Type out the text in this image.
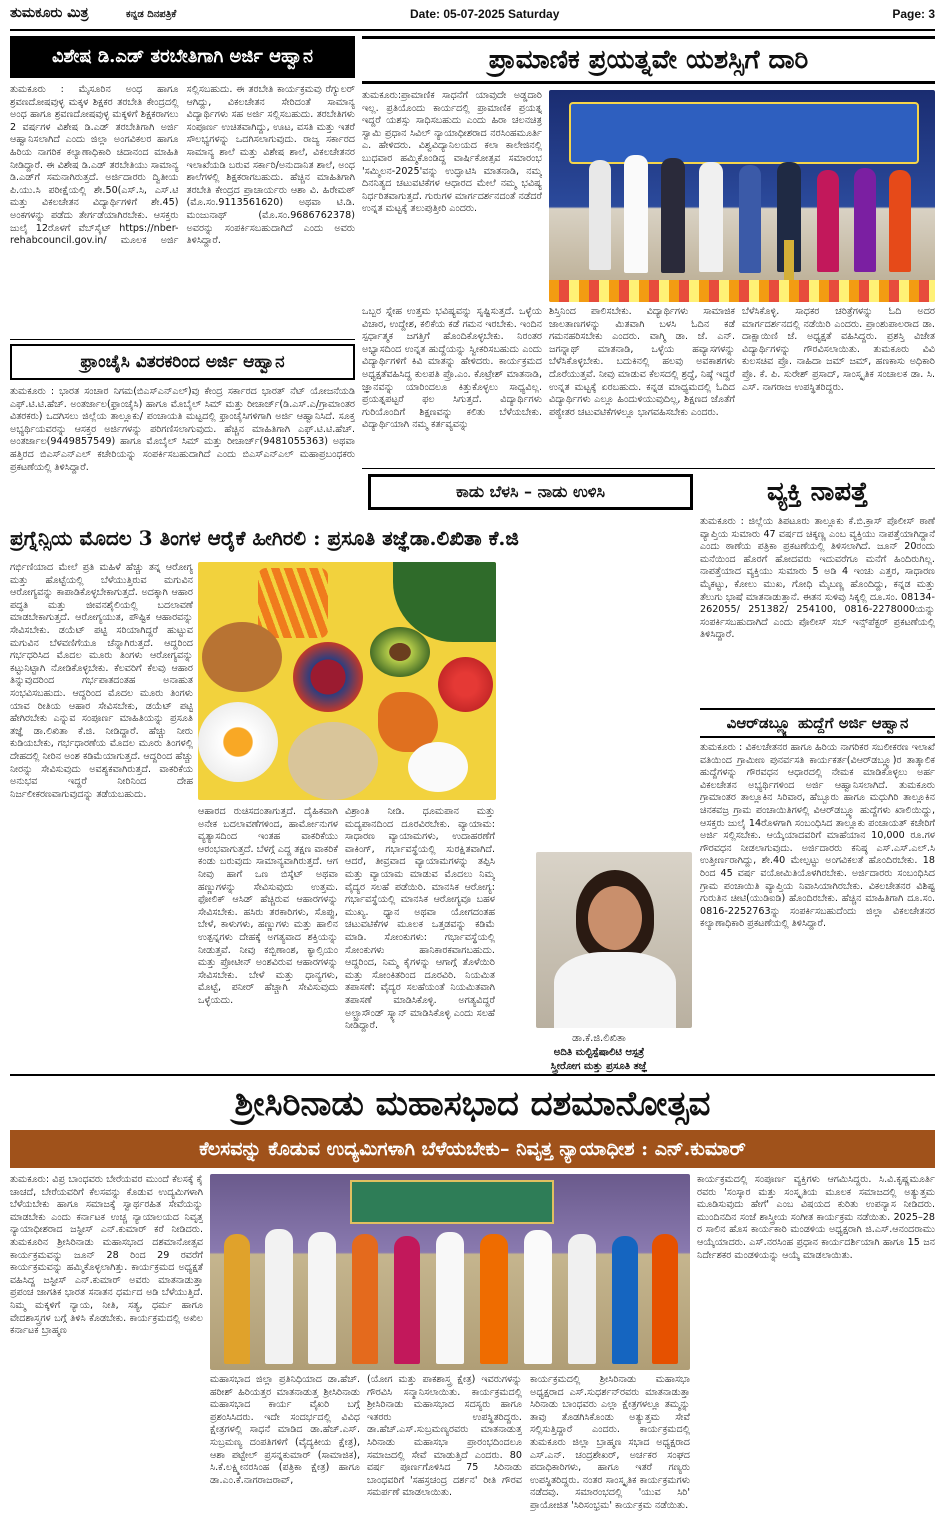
ತುಮಕೂರು ಮಿತ್ರ	ಕನ್ನಡ ದಿನಪತ್ರಿಕೆ	Date: 05-07-2025 Saturday	Page: 3
ವಿಶೇಷ ಡಿ.ಎಡ್ ತರಬೇತಿಗಾಗಿ ಅರ್ಜಿ ಆಹ್ವಾನ
ತುಮಕೂರು : ಮೈಸೂರಿನ ಅಂಧ ಹಾಗೂ ಶ್ರವಣದೋಷವುಳ್ಳ ಮಕ್ಕಳ ಶಿಕ್ಷಕರ ತರಬೇತಿ ಕೇಂದ್ರದಲ್ಲಿ ಅಂಧ ಹಾಗೂ ಶ್ರವಣದೋಷವುಳ್ಳ ಮಕ್ಕಳಿಗೆ ಶಿಕ್ಷಕರಾಗಲು 2 ವರ್ಷಗಳ ವಿಶೇಷ ಡಿ.ಎಡ್ ತರಬೇತಿಗಾಗಿ ಅರ್ಜಿ ಆಹ್ವಾನಿಸಲಾಗಿದೆ ಎಂದು ಜಿಲ್ಲಾ ಅಂಗವಿಕಲರ ಹಾಗೂ ಹಿರಿಯ ನಾಗರಿಕ ಕಲ್ಯಾಣಾಧಿಕಾರಿ ಚಿದಾನಂದ ಮಾಹಿತಿ ನೀಡಿದ್ದಾರೆ. ಈ ವಿಶೇಷ ಡಿ.ಎಡ್ ತರಬೇತಿಯು ಸಾಮಾನ್ಯ ಡಿ.ಎಡ್‌ಗೆ ಸಮನಾಗಿರುತ್ತದೆ. ಅರ್ಜಿದಾರರು ದ್ವಿತೀಯ ಪಿ.ಯು.ಸಿ ಪರೀಕ್ಷೆಯಲ್ಲಿ ಶೇ.50(ಎಸ್.ಸಿ, ಎಸ್.ಟಿ ಮತ್ತು ವಿಕಲಚೇತನ ವಿದ್ಯಾರ್ಥಿಗಳಿಗೆ ಶೇ.45) ಅಂಕಗಳನ್ನು ಪಡೆದು ತೇರ್ಗಡೆಯಾಗಿರಬೇಕು. ಆಸಕ್ತರು ಜುಲೈ 12ರೊಳಗೆ ವೆಬ್‌ಸೈಟ್ https://nber-rehabcouncil.gov.in/ ಮೂಲಕ ಅರ್ಜಿ ಸಲ್ಲಿಸಬಹುದು. ಈ ತರಬೇತಿ ಕಾರ್ಯಕ್ರಮವು ರೆಗ್ಯುಲರ್ ಆಗಿದ್ದು, ವಿಕಲಚೇತನ ಸೇರಿದಂತೆ ಸಾಮಾನ್ಯ ವಿದ್ಯಾರ್ಥಿಗಳು ಸಹ ಅರ್ಜಿ ಸಲ್ಲಿಸಬಹುದು. ತರಬೇತಿಗಳು ಸಂಪೂರ್ಣ ಉಚಿತವಾಗಿದ್ದು, ಊಟ, ವಸತಿ ಮತ್ತು ಇತರೆ ಸೌಲಭ್ಯಗಳನ್ನು ಒದಗಿಸಲಾಗುವುದು. ರಾಜ್ಯ ಸರ್ಕಾರದ ಸಾಮಾನ್ಯ ಶಾಲೆ ಮತ್ತು ವಿಶೇಷ ಶಾಲೆ, ವಿಕಲಚೇತನರ ಇಲಾಖೆಯಡಿ ಬರುವ ಸರ್ಕಾರಿ/ಅನುದಾನಿತ ಶಾಲೆ, ಅಂಧ ಶಾಲೆಗಳಲ್ಲಿ ಶಿಕ್ಷಕರಾಗಬಹುದು. ಹೆಚ್ಚಿನ ಮಾಹಿತಿಗಾಗಿ ತರಬೇತಿ ಕೇಂದ್ರದ ಪ್ರಾಚಾರ್ಯರು ಆಶಾ ವಿ. ಹಿರೇಮಠ್ (ಮೊ.ಸಂ.9113561620) ಅಥವಾ ಟಿ.ಡಿ. ಮಂಜುನಾಥ್ (ಮೊ.ಸಂ.9686762378) ಅವರನ್ನು ಸಂಪರ್ಕಿಸಬಹುದಾಗಿದೆ ಎಂದು ಅವರು ತಿಳಿಸಿದ್ದಾರೆ.
ಫ್ರಾಂಚೈಸಿ ವಿತರಕರಿಂದ ಅರ್ಜಿ ಆಹ್ವಾನ
ತುಮಕೂರು : ಭಾರತ ಸಂಚಾರ ನಿಗಮ(ಬಿಎಸ್‌ಎನ್‌ಎಲ್)ವು ಕೇಂದ್ರ ಸರ್ಕಾರದ ಭಾರತ್ ನೆಟ್ ಯೋಜನೆಯಡಿ ಎಫ್.ಟಿ.ಟಿ.ಹೆಚ್. ಅಂತರ್ಜಾಲ(ಫ್ರಾಂಚೈಸಿ) ಹಾಗೂ ಮೊಬೈಲ್ ಸಿಮ್ ಮತ್ತು ರೀಚಾರ್ಜ್(ಡಿ.ಎಸ್.ಎ/ಗ್ರಾಮಾಂತರ ವಿತರಕರು) ಒದಗಿಸಲು ಜಿಲ್ಲೆಯ ತಾಲ್ಲೂಕು/ ಪಂಚಾಯತಿ ಮಟ್ಟದಲ್ಲಿ ಫ್ರಾಂಚೈಸಿಗಳಿಗಾಗಿ ಅರ್ಜಿ ಆಹ್ವಾನಿಸಿದೆ. ಸೂಕ್ತ ಅಭ್ಯರ್ಥಿಯವರನ್ನು ಆಸಕ್ತರ ಅರ್ಜಿಗಳನ್ನು ಪರಿಗಣಿಸಲಾಗುವುದು. ಹೆಚ್ಚಿನ ಮಾಹಿತಿಗಾಗಿ ಎಫ್.ಟಿ.ಟಿ.ಹೆಚ್. ಅಂತರ್ಜಾಲ(9449857549) ಹಾಗೂ ಮೊಬೈಲ್ ಸಿಮ್ ಮತ್ತು ರೀಚಾರ್ಜ್(9481055363) ಅಥವಾ ಹತ್ತಿರದ ಬಿಎಸ್‌ಎನ್‌ಎಲ್ ಕಚೇರಿಯನ್ನು ಸಂಪರ್ಕಿಸಬಹುದಾಗಿದೆ ಎಂದು ಬಿಎಸ್‌ಎನ್‌ಎಲ್ ಮಹಾಪ್ರಬಂಧಕರು ಪ್ರಕಟಣೆಯಲ್ಲಿ ತಿಳಿಸಿದ್ದಾರೆ.
ಪ್ರಾಮಾಣಿಕ ಪ್ರಯತ್ನವೇ ಯಶಸ್ಸಿಗೆ ದಾರಿ
ತುಮಕೂರು:ಪ್ರಾಮಾಣಿಕ ಸಾಧನೆಗೆ ಯಾವುದೇ ಅಡ್ಡದಾರಿ ಇಲ್ಲ. ಪ್ರತಿಯೊಂದು ಕಾರ್ಯದಲ್ಲಿ ಪ್ರಾಮಾಣಿಕ ಪ್ರಯತ್ನ ಇದ್ದರೆ ಯಶಸ್ಸು ಸಾಧಿಸಬಹುದು ಎಂದು ಹಿರಾ ಚಲನಚಿತ್ರ ಸ್ವಾಮಿ ಪ್ರಧಾನ ಸಿವಿಲ್ ನ್ಯಾಯಾಧೀಶರಾದ ನರಸಿಂಹಮೂರ್ತಿ ಎ. ಹೇಳಿದರು. ವಿಶ್ವವಿದ್ಯಾನಿಲಯದ ಕಲಾ ಕಾಲೇಜಿನಲ್ಲಿ ಬುಧವಾರ ಹಮ್ಮಿಕೊಂಡಿದ್ದ ವಾರ್ಷಿಕೋತ್ಸವ ಸಮಾರಂಭ 'ಸಮ್ಮಿಲನ-2025'ವನ್ನು ಉದ್ಘಾಟಿಸಿ ಮಾತನಾಡಿ, ನಮ್ಮ ದಿನನಿತ್ಯದ ಚಟುವಟಿಕೆಗಳ ಆಧಾರದ ಮೇಲೆ ನಮ್ಮ ಭವಿಷ್ಯ ನಿರ್ಧರಿತವಾಗುತ್ತದೆ. ಗುರುಗಳ ಮಾರ್ಗದರ್ಶನದಂತೆ ನಡೆದರೆ ಉನ್ನತ ಮಟ್ಟಕ್ಕೆ ತಲುಪುತ್ತೀರಿ ಎಂದರು.
ಒಬ್ಬರ ಸ್ನೇಹ ಉತ್ತಮ ಭವಿಷ್ಯವನ್ನು ಸೃಷ್ಟಿಸುತ್ತದೆ. ಒಳ್ಳೆಯ ವಿಚಾರ, ಉದ್ದೇಶ, ಕಲಿಕೆಯ ಕಡೆ ಗಮನ ಇರಬೇಕು. ಇಂದಿನ ಸ್ಪರ್ಧಾತ್ಮಕ ಜಗತ್ತಿಗೆ ಹೊಂದಿಕೊಳ್ಳಬೇಕು. ನಿರಂತರ ಅಭ್ಯಾಸದಿಂದ ಉನ್ನತ ಹುದ್ದೆಯನ್ನು ಸ್ವೀಕರಿಸಬಹುದು ಎಂದು ವಿದ್ಯಾರ್ಥಿಗಳಿಗೆ ಕಿವಿ ಮಾತನ್ನು ಹೇಳಿದರು. ಕಾರ್ಯಕ್ರಮದ ಅಧ್ಯಕ್ಷತೆವಹಿಸಿದ್ದ ಕುಲಪತಿ ಪ್ರೊ.ಎಂ. ಕೊಟ್ರೇಶ್ ಮಾತನಾಡಿ, ಜ್ಞಾನವನ್ನು ಯಾರಿಂದಲೂ ಕಿತ್ತುಕೊಳ್ಳಲು ಸಾಧ್ಯವಿಲ್ಲ. ಪ್ರಯತ್ನಪಟ್ಟರೆ ಫಲ ಸಿಗುತ್ತದೆ. ವಿದ್ಯಾರ್ಥಿಗಳು ಗುರಿಯೊಂದಿಗೆ ಶಿಕ್ಷಣವನ್ನು ಕಲಿತು ಬೆಳೆಯಬೇಕು. ವಿದ್ಯಾರ್ಥಿಯಾಗಿ ನಮ್ಮ ಕರ್ತವ್ಯವನ್ನು
ಶಿಸ್ತಿನಿಂದ ಪಾಲಿಸಬೇಕು. ವಿದ್ಯಾರ್ಥಿಗಳು ಸಾಮಾಜಿಕ ಜಾಲತಾಣಗಳನ್ನು ಮಿತವಾಗಿ ಬಳಸಿ ಓದಿನ ಕಡೆ ಗಮನಹರಿಸಬೇಕು ಎಂದರು. ವಾಗ್ಮಿ ಡಾ. ಜೆ. ಎನ್. ಜಗನ್ನಾಥ್ ಮಾತನಾಡಿ, ಒಳ್ಳೆಯ ಹವ್ಯಾಸಗಳನ್ನು ಬೆಳೆಸಿಕೊಳ್ಳಬೇಕು. ಬದುಕಿನಲ್ಲಿ ಹಲವು ಅವಕಾಶಗಳು ದೊರೆಯುತ್ತವೆ. ನೀವು ಮಾಡುವ ಕೆಲಸದಲ್ಲಿ ಶ್ರದ್ಧೆ, ನಿಷ್ಠೆ ಇದ್ದರೆ ಉನ್ನತ ಮಟ್ಟಕ್ಕೆ ಏರಬಹುದು. ಕನ್ನಡ ಮಾಧ್ಯಮದಲ್ಲಿ ಓದಿದ ವಿದ್ಯಾರ್ಥಿಗಳು ಎಲ್ಲೂ ಹಿಂದುಳಿಯುವುದಿಲ್ಲ, ಶಿಕ್ಷಣದ ಜೊತೆಗೆ ಪಠ್ಯೇತರ ಚಟುವಟಿಕೆಗಳಲ್ಲೂ ಭಾಗವಹಿಸಬೇಕು ಎಂದರು.
ಬೆಳೆಸಿಕೊಳ್ಳಿ. ಸಾಧಕರ ಚರಿತ್ರೆಗಳನ್ನು ಓದಿ ಅದರ ಮಾರ್ಗದರ್ಶನದಲ್ಲಿ ನಡೆಯಿರಿ ಎಂದರು. ಪ್ರಾಂಶುಪಾಲರಾದ ಡಾ. ದಾಕ್ಷಾಯಿಣಿ ಜೆ. ಅಧ್ಯಕ್ಷತೆ ವಹಿಸಿದ್ದರು. ಪ್ರಶಸ್ತಿ ವಿಜೇತ ವಿದ್ಯಾರ್ಥಿಗಳನ್ನು ಗೌರವಿಸಲಾಯಿತು. ತುಮಕೂರು ವಿವಿ ಕುಲಸಚಿವ ಪ್ರೊ. ನಾಹಿದಾ ಜಮ್ ಜಮ್, ಹಣಕಾಸು ಅಧಿಕಾರಿ ಪ್ರೊ. ಕೆ. ಪಿ. ಸುರೇಶ್ ಪ್ರಸಾದ್, ಸಾಂಸ್ಕೃತಿಕ ಸಂಚಾಲಕ ಡಾ. ಸಿ. ಎಸ್. ನಾಗರಾಜ ಉಪಸ್ಥಿತರಿದ್ದರು.
ಕಾಡು ಬೆಳಸಿ – ನಾಡು ಉಳಿಸಿ	ವ್ಯಕ್ತಿ ನಾಪತ್ತೆ
ತುಮಕೂರು : ಜಿಲ್ಲೆಯ ತಿಪಟೂರು ತಾಲ್ಲೂಕು ಕೆ.ಬಿ.ಕ್ರಾಸ್ ಪೊಲೀಸ್ ಠಾಣೆ ವ್ಯಾಪ್ತಿಯ ಸುಮಾರು 47 ವರ್ಷದ ಚಿಕ್ಕಣ್ಣ ಎಂಬ ವ್ಯಕ್ತಿಯು ನಾಪತ್ತೆಯಾಗಿದ್ದಾನೆ ಎಂದು ಠಾಣೆಯ ಪತ್ರಿಕಾ ಪ್ರಕಟಣೆಯಲ್ಲಿ ತಿಳಿಸಲಾಗಿದೆ. ಜೂನ್ 20ರಂದು ಮನೆಯಿಂದ ಹೊರಗೆ ಹೋದವರು ಇದುವರೆಗೂ ಮನೆಗೆ ಹಿಂದಿರುಗಿಲ್ಲ. ನಾಪತ್ತೆಯಾದ ವ್ಯಕ್ತಿಯು ಸುಮಾರು 5 ಅಡಿ 4 ಇಂಚು ಎತ್ತರ, ಸಾಧಾರಣ ಮೈಕಟ್ಟು, ಕೋಲು ಮುಖ, ಗೋಧಿ ಮೈಬಣ್ಣ ಹೊಂದಿದ್ದು, ಕನ್ನಡ ಮತ್ತು ತೆಲುಗು ಭಾಷೆ ಮಾತನಾಡುತ್ತಾನೆ. ಈತನ ಸುಳಿವು ಸಿಕ್ಕಲ್ಲಿ ದೂ.ಸಂ. 08134-262055/ 251382/ 254100, 0816-2278000ಯನ್ನು ಸಂಪರ್ಕಿಸಬಹುದಾಗಿದೆ ಎಂದು ಪೊಲೀಸ್ ಸಬ್ ಇನ್ಸ್‌ಪೆಕ್ಟರ್ ಪ್ರಕಟಣೆಯಲ್ಲಿ ತಿಳಿಸಿದ್ದಾರೆ.
ವಿಆರ್‌ಡಬ್ಲ್ಯೂ ಹುದ್ದೆಗೆ ಅರ್ಜಿ ಆಹ್ವಾನ
ತುಮಕೂರು : ವಿಕಲಚೇತನರ ಹಾಗೂ ಹಿರಿಯ ನಾಗರಿಕರ ಸಬಲೀಕರಣ ಇಲಾಖೆ ವತಿಯಿಂದ ಗ್ರಾಮೀಣ ಪುನರ್ವಸತಿ ಕಾರ್ಯಕರ್ತ(ವಿಆರ್‌ಡಬ್ಲ್ಯೂ)ರ ತಾತ್ಕಾಲಿಕ ಹುದ್ದೆಗಳನ್ನು ಗೌರವಧನ ಆಧಾರದಲ್ಲಿ ನೇಮಕ ಮಾಡಿಕೊಳ್ಳಲು ಅರ್ಹ ವಿಕಲಚೇತನ ಅಭ್ಯರ್ಥಿಗಳಿಂದ ಅರ್ಜಿ ಆಹ್ವಾನಿಸಲಾಗಿದೆ. ತುಮಕೂರು ಗ್ರಾಮಾಂತರ ತಾಲ್ಲೂಕಿನ ಸಿರಿವಾರ, ಹೆಬ್ಬೂರು ಹಾಗೂ ಮಧುಗಿರಿ ತಾಲ್ಲೂಕಿನ ಚಿನಕವಜ್ರ ಗ್ರಾಮ ಪಂಚಾಯಿತಿಗಳಲ್ಲಿ ವಿಆರ್‌ಡಬ್ಲ್ಯೂ ಹುದ್ದೆಗಳು ಖಾಲಿಯಿದ್ದು, ಆಸಕ್ತರು ಜುಲೈ 14ರೊಳಗಾಗಿ ಸಂಬಂಧಿಸಿದ ತಾಲ್ಲೂಕು ಪಂಚಾಯತ್ ಕಚೇರಿಗೆ ಅರ್ಜಿ ಸಲ್ಲಿಸಬೇಕು. ಆಯ್ಕೆಯಾದವರಿಗೆ ಮಾಹೆಯಾನ 10,000 ರೂ.ಗಳ ಗೌರವಧನ ನೀಡಲಾಗುವುದು. ಅರ್ಜಿದಾರರು ಕನಿಷ್ಠ ಎಸ್.ಎಸ್.ಎಲ್.ಸಿ ಉತ್ತೀರ್ಣರಾಗಿದ್ದು, ಶೇ.40 ಮೇಲ್ಪಟ್ಟು ಅಂಗವಿಕಲತೆ ಹೊಂದಿರಬೇಕು. 18 ರಿಂದ 45 ವರ್ಷ ವಯೋಮಿತಿಯೊಳಗಿರಬೇಕು. ಅರ್ಜಿದಾರರು ಸಂಬಂಧಿಸಿದ ಗ್ರಾಮ ಪಂಚಾಯಿತಿ ವ್ಯಾಪ್ತಿಯ ನಿವಾಸಿಯಾಗಿರಬೇಕು. ವಿಕಲಚೇತನರ ವಿಶಿಷ್ಟ ಗುರುತಿನ ಚೀಟಿ(ಯುಡಿಐಡಿ) ಹೊಂದಿರಬೇಕು. ಹೆಚ್ಚಿನ ಮಾಹಿತಿಗಾಗಿ ದೂ.ಸಂ. 0816-2252763ನ್ನು ಸಂಪರ್ಕಿಸಬಹುದೆಂದು ಜಿಲ್ಲಾ ವಿಕಲಚೇತನರ ಕಲ್ಯಾಣಾಧಿಕಾರಿ ಪ್ರಕಟಣೆಯಲ್ಲಿ ತಿಳಿಸಿದ್ದಾರೆ.
ಪ್ರಗ್ನೆನ್ಸಿಯ ಮೊದಲ 3 ತಿಂಗಳ ಆರೈಕೆ ಹೀಗಿರಲಿ : ಪ್ರಸೂತಿ ತಜ್ಞೆಡಾ.ಲಿಖಿತಾ ಕೆ.ಜಿ
ಗರ್ಭಿಣಿಯಾದ ಮೇಲೆ ಪ್ರತಿ ಮಹಿಳೆ ಹೆಚ್ಚು ತನ್ನ ಆರೋಗ್ಯ ಮತ್ತು ಹೊಟ್ಟೆಯಲ್ಲಿ ಬೆಳೆಯುತ್ತಿರುವ ಮಗುವಿನ ಆರೋಗ್ಯವನ್ನು ಕಾಪಾಡಿಕೊಳ್ಳಬೇಕಾಗುತ್ತದೆ. ಅದಕ್ಕಾಗಿ ಆಹಾರ ಪದ್ಧತಿ ಮತ್ತು ಜೀವನಶೈಲಿಯಲ್ಲಿ ಬದಲಾವಣೆ ಮಾಡಬೇಕಾಗುತ್ತದೆ. ಆರೋಗ್ಯಯುತ, ಪೌಷ್ಟಿಕ ಆಹಾರವನ್ನು ಸೇವಿಸಬೇಕು. ಡಯೆಟ್ ಪಟ್ಟಿ ಸರಿಯಾಗಿದ್ದರೆ ಹುಟ್ಟುವ ಮಗುವಿನ ಬೆಳವಣಿಗೆಯೂ ಚೆನ್ನಾಗಿರುತ್ತದೆ. ಆದ್ದರಿಂದ ಗರ್ಭಧರಿಸಿದ ಮೊದಲ ಮೂರು ತಿಂಗಳು ಆರೋಗ್ಯವನ್ನು ಕಟ್ಟುನಿಟ್ಟಾಗಿ ನೋಡಿಕೊಳ್ಳಬೇಕು. ಕೆಲವರಿಗೆ ಕೆಲವು ಆಹಾರ ತಿನ್ನುವುದರಿಂದ ಗರ್ಭಪಾತದಂತಹ ಅನಾಹುತ ಸಂಭವಿಸಬಹುದು. ಆದ್ದರಿಂದ ಮೊದಲ ಮೂರು ತಿಂಗಳು ಯಾವ ರೀತಿಯ ಆಹಾರ ಸೇವಿಸಬೇಕು, ಡಯೆಟ್ ಪಟ್ಟಿ ಹೇಗಿರಬೇಕು ಎನ್ನುವ ಸಂಪೂರ್ಣ ಮಾಹಿತಿಯನ್ನು ಪ್ರಸೂತಿ ತಜ್ಞೆ ಡಾ.ಲಿಖಿತಾ ಕೆ.ಜಿ. ನೀಡಿದ್ದಾರೆ. ಹೆಚ್ಚು ನೀರು ಕುಡಿಯಬೇಕು, ಗರ್ಭಧಾರಣೆಯ ಮೊದಲ ಮೂರು ತಿಂಗಳಲ್ಲಿ ದೇಹದಲ್ಲಿ ನೀರಿನ ಅಂಶ ಕಡಿಮೆಯಾಗುತ್ತದೆ. ಆದ್ದರಿಂದ ಹೆಚ್ಚು ನೀರನ್ನು ಸೇವಿಸುವುದು ಅವಶ್ಯಕವಾಗಿರುತ್ತದೆ. ವಾಕರಿಕೆಯ ಅನುಭವ ಇದ್ದರೆ ನೀರಿನಿಂದ ದೇಹ ನಿರ್ಜಲೀಕರಣವಾಗುವುದನ್ನು ತಡೆಯಬಹುದು.
ಆಹಾರದ ರುಚಿಸದಂತಾಗುತ್ತದೆ. ದೈಹಿಕವಾಗಿ ಅನೇಕ ಬದಲಾವಣೆಗಳಿಂದ, ಹಾರ್ಮೋನುಗಳ ವ್ಯತ್ಯಾಸದಿಂದ ಇಂತಹ ವಾಕರಿಕೆಯು ಆರಂಭವಾಗುತ್ತದೆ. ಬೆಳಗ್ಗೆ ಎದ್ದ ತಕ್ಷಣ ವಾಕರಿಕೆ ಕಂಡು ಬರುವುದು ಸಾಮಾನ್ಯವಾಗಿರುತ್ತದೆ. ಆಗ ನೀವು ಹಾಗೆ ಒಣ ಬಿಸ್ಕೆಟ್ ಅಥವಾ ಹಣ್ಣುಗಳನ್ನು ಸೇವಿಸುವುದು ಉತ್ತಮ. ಫೋಲಿಕ್ ಆಸಿಡ್ ಹೆಚ್ಚಿರುವ ಆಹಾರಗಳನ್ನು ಸೇವಿಸಬೇಕು. ಹಸಿರು ತರಕಾರಿಗಳು, ಸೊಪ್ಪು, ಬೇಳೆ, ಕಾಳುಗಳು, ಹಣ್ಣುಗಳು ಮತ್ತು ಹಾಲಿನ ಉತ್ಪನ್ನಗಳು ದೇಹಕ್ಕೆ ಅಗತ್ಯವಾದ ಶಕ್ತಿಯನ್ನು ನೀಡುತ್ತವೆ. ನೀವು ಕಬ್ಬಿಣಾಂಶ, ಕ್ಯಾಲ್ಸಿಯಂ ಮತ್ತು ಪ್ರೋಟೀನ್ ಅಂಶವಿರುವ ಆಹಾರಗಳನ್ನು ಸೇವಿಸಬೇಕು. ಬೇಳೆ ಮತ್ತು ಧಾನ್ಯಗಳು, ಮೊಟ್ಟೆ, ಪನೀರ್ ಹೆಚ್ಚಾಗಿ ಸೇವಿಸುವುದು ಒಳ್ಳೆಯದು.
ವಿಶ್ರಾಂತಿ ನೀಡಿ. ಧೂಮಪಾನ ಮತ್ತು ಮದ್ಯಪಾನದಿಂದ ದೂರವಿರಬೇಕು. ವ್ಯಾಯಾಮ: ಸಾಧಾರಣ ವ್ಯಾಯಾಮಗಳು, ಉದಾಹರಣೆಗೆ ವಾಕಿಂಗ್, ಗರ್ಭಾವಸ್ಥೆಯಲ್ಲಿ ಸುರಕ್ಷಿತವಾಗಿದೆ. ಆದರೆ, ತೀವ್ರವಾದ ವ್ಯಾಯಾಮಗಳನ್ನು ತಪ್ಪಿಸಿ ಮತ್ತು ವ್ಯಾಯಾಮ ಮಾಡುವ ಮೊದಲು ನಿಮ್ಮ ವೈದ್ಯರ ಸಲಹೆ ಪಡೆಯಿರಿ. ಮಾನಸಿಕ ಆರೋಗ್ಯ: ಗರ್ಭಾವಸ್ಥೆಯಲ್ಲಿ ಮಾನಸಿಕ ಆರೋಗ್ಯವೂ ಬಹಳ ಮುಖ್ಯ. ಧ್ಯಾನ ಅಥವಾ ಯೋಗದಂತಹ ಚಟುವಟಿಕೆಗಳ ಮೂಲಕ ಒತ್ತಡವನ್ನು ಕಡಿಮೆ ಮಾಡಿ. ಸೋಂಕುಗಳು: ಗರ್ಭಾವಸ್ಥೆಯಲ್ಲಿ ಸೋಂಕುಗಳು ಹಾನಿಕಾರಕವಾಗಬಹುದು. ಆದ್ದರಿಂದ, ನಿಮ್ಮ ಕೈಗಳನ್ನು ಆಗಾಗ್ಗೆ ತೊಳೆಯಿರಿ ಮತ್ತು ಸೋಂಕಿತರಿಂದ ದೂರವಿರಿ. ನಿಯಮಿತ ತಪಾಸಣೆ: ವೈದ್ಯರ ಸಲಹೆಯಂತೆ ನಿಯಮಿತವಾಗಿ ತಪಾಸಣೆ ಮಾಡಿಸಿಕೊಳ್ಳಿ. ಅಗತ್ಯವಿದ್ದರೆ ಅಲ್ಟ್ರಾಸೌಂಡ್ ಸ್ಕ್ಯಾನ್ ಮಾಡಿಸಿಕೊಳ್ಳಿ ಎಂದು ಸಲಹೆ ನೀಡಿದ್ದಾರೆ.
ಡಾ.ಕೆ.ಜಿ.ಲಿಖಿತಾ
ಅದಿತಿ ಮಲ್ಟಿಸ್ಪೆಷಾಲಿಟಿ ಆಸ್ಪತ್ರೆ
ಸ್ತ್ರೀರೋಗ ಮತ್ತು ಪ್ರಸೂತಿ ತಜ್ಞೆ
ಶ್ರೀಸಿರಿನಾಡು ಮಹಾಸಭಾದ ದಶಮಾನೋತ್ಸವ
ಕೆಲಸವನ್ನು ಕೊಡುವ ಉದ್ಯಮಿಗಳಾಗಿ ಬೆಳೆಯಬೇಕು– ನಿವೃತ್ತ ನ್ಯಾಯಾಧೀಶ : ಎನ್.ಕುಮಾರ್
ತುಮಕೂರು: ವಿಪ್ರ ಬಾಂಧವರು ಬೇರೆಯವರ ಮುಂದೆ ಕೆಲಸಕ್ಕೆ ಕೈ ಚಾಚದೆ, ಬೇರೆಯವರಿಗೆ ಕೆಲಸವನ್ನು ಕೊಡುವ ಉದ್ಯಮಿಗಳಾಗಿ ಬೆಳೆಯಬೇಕು ಹಾಗೂ ಸಮಾಜಕ್ಕೆ ಸ್ವಾರ್ಥರಹಿತ ಸೇವೆಯನ್ನು ಮಾಡಬೇಕು ಎಂದು ಕರ್ನಾಟಕ ಉಚ್ಚ ನ್ಯಾಯಾಲಯದ ನಿವೃತ್ತ ನ್ಯಾಯಾಧೀಶರಾದ ಜಸ್ಟೀಸ್ ಎನ್.ಕುಮಾರ್ ಕರೆ ನೀಡಿದರು. ತುಮಕೂರಿನ ಶ್ರೀಸಿರಿನಾಡು ಮಹಾಸಭಾದ ದಶಮಾನೋತ್ಸವ ಕಾರ್ಯಕ್ರಮವನ್ನು ಜೂನ್ 28 ರಿಂದ 29 ರವರೆಗೆ ಕಾರ್ಯಕ್ರಮವನ್ನು ಹಮ್ಮಿಕೊಳ್ಳಲಾಗಿತ್ತು. ಕಾರ್ಯಕ್ರಮದ ಅಧ್ಯಕ್ಷತೆ ವಹಿಸಿದ್ದ ಜಸ್ಟೀಸ್ ಎನ್.ಕುಮಾರ್ ಅವರು ಮಾತನಾಡುತ್ತಾ ಪ್ರಪಂಚ ಜಾಗತಿಕ ಭಾರತ ಸನಾತನ ಧರ್ಮದ ಅಡಿ ಬೆಳೆಯುತ್ತಿದೆ. ನಿಮ್ಮ ಮಕ್ಕಳಿಗೆ ನ್ಯಾಯ, ನೀತಿ, ಸತ್ಯ, ಧರ್ಮ ಹಾಗೂ ವೇದಶಾಸ್ತ್ರಗಳ ಬಗ್ಗೆ ತಿಳಿಸಿ ಕೊಡಬೇಕು. ಕಾರ್ಯಕ್ರಮದಲ್ಲಿ ಅಖಿಲ ಕರ್ನಾಟಕ ಬ್ರಾಹ್ಮಣ
ಮಹಾಸಭಾದ ಜಿಲ್ಲಾ ಪ್ರತಿನಿಧಿಯಾದ ಡಾ.ಹೆಚ್. ಹರೀಶ್ ಹಿರಿಯತ್ತರ ಮಾತನಾಡುತ್ತ ಶ್ರೀಸಿರಿನಾಡು ಮಹಾಸಭಾದ ಕಾರ್ಯ ವೈಖರಿ ಬಗ್ಗೆ ಪ್ರಶಂಸಿಸಿದರು. ಇದೇ ಸಂದರ್ಭದಲ್ಲಿ ವಿವಿಧ ಕ್ಷೇತ್ರಗಳಲ್ಲಿ ಸಾಧನೆ ಮಾಡಿದ ಡಾ.ಹೆಚ್.ಎಸ್. ಸುಬ್ರಮಣ್ಯ ದಂಪತಿಗಳಿಗೆ (ವೈದ್ಯಕೀಯ ಕ್ಷೇತ್ರ), ಆಶಾ ಪಟ್ಟೇಲ್ ಪ್ರಸನ್ನಕುಮಾರ್ (ಸಾಮಾಜಿಕ), ಸಿ.ಕೆ.ಲಕ್ಷ್ಮೀನರಸಿಂಹ (ಪತ್ರಿಕಾ ಕ್ಷೇತ್ರ) ಹಾಗೂ ಡಾ.ಎಂ.ಕೆ.ನಾಗರಾಜರಾವ್,
(ಯೋಗ ಮತ್ತು ಪಾಕಶಾಸ್ತ್ರ ಕ್ಷೇತ್ರ) ಇವರುಗಳನ್ನು ಗೌರವಿಸಿ ಸನ್ಮಾನಿಸಲಾಯಿತು. ಕಾರ್ಯಕ್ರಮದಲ್ಲಿ ಶ್ರೀಸಿರಿನಾಡು ಮಹಾಸಭಾದ ಸದಸ್ಯರು ಹಾಗೂ ಇತರರು ಉಪಸ್ಥಿತರಿದ್ದರು. ಡಾ.ಹೆಚ್.ಎಸ್.ಸುಬ್ರಮಣ್ಯರವರು ಮಾತನಾಡುತ್ತ ಸಿರಿನಾಡು ಮಹಾಸಭಾ ಪ್ರಾರಂಭದಿಂದಲೂ ಸಮಾಜದಲ್ಲಿ ಸೇವೆ ಮಾಡುತ್ತಿದೆ ಎಂದರು. 80 ವರ್ಷ ಪೂರ್ಣಗೊಳಿಸಿದ 75 ಸಿರಿನಾಡು ಬಾಂಧವರಿಗೆ 'ಸಹಸ್ರಚಂದ್ರ ದರ್ಶನ' ರೀತಿ ಗೌರವ ಸಮರ್ಪಣೆ ಮಾಡಲಾಯಿತು.
ಕಾರ್ಯಕ್ರಮದಲ್ಲಿ ಶ್ರೀಸಿರಿನಾಡು ಮಹಾಸಭಾ ಅಧ್ಯಕ್ಷರಾದ ಎಸ್.ಸುಧರ್ಶನ್‌ರವರು ಮಾತನಾಡುತ್ತಾ ಸಿರಿನಾಡು ಬಾಂಧವರು ಎಲ್ಲಾ ಕ್ಷೇತ್ರಗಳಲ್ಲೂ ತಮ್ಮನ್ನು ತಾವು ತೊಡಗಿಸಿಕೊಂಡು ಅತ್ಯುತ್ತಮ ಸೇವೆ ಸಲ್ಲಿಸುತ್ತಿದ್ದಾರೆ ಎಂದರು. ಕಾರ್ಯಕ್ರಮದಲ್ಲಿ ತುಮಕೂರು ಜಿಲ್ಲಾ ಬ್ರಾಹ್ಮಣ ಸಭಾದ ಅಧ್ಯಕ್ಷರಾದ ಎಸ್.ಎನ್. ಚಂದ್ರಶೇಖರ್, ಅರ್ಚಕರ ಸಂಘದ ಪದಾಧಿಕಾರಿಗಳು, ಹಾಗೂ ಇತರೆ ಗಣ್ಯರು ಉಪಸ್ಥಿತರಿದ್ದರು. ನಂತರ ಸಾಂಸ್ಕೃತಿಕ ಕಾರ್ಯಕ್ರಮಗಳು ನಡೆದವು. ಸಮಾರಂಭದಲ್ಲಿ 'ಯುವ ಸಿರಿ' ಪ್ರಾಯೋಜಿತ 'ಸಿರಿಸಂಭ್ರಮ' ಕಾರ್ಯಕ್ರಮ ನಡೆಯಿತು.
ಕಾರ್ಯಕ್ರಮದಲ್ಲಿ ಸಂಪೂರ್ಣ ವ್ಯಕ್ತಿಗಳು ಆಗಮಿಸಿದ್ದರು. ಸಿ.ವಿ.ಕೃಷ್ಣಮೂರ್ತಿ ರವರು 'ಸಂಸ್ಕಾರ ಮತ್ತು ಸಂಸ್ಕೃತಿಯ ಮೂಲಕ ಸಮಾಜದಲ್ಲಿ ಅತ್ಯುತ್ತಮ ಮೂಡಿಸುವುದು ಹೇಗೆ' ಎಂಬ ವಿಷಯದ ಕುರಿತು ಉಪನ್ಯಾಸ ನೀಡಿದರು. ಮುಂದಿನದಿನ ಸಂಜೆ ಶಾಸ್ತ್ರೀಯ ಸಂಗೀತ ಕಾರ್ಯಕ್ರಮ ನಡೆಯಿತು. 2025–28 ರ ಸಾಲಿನ ಹೊಸ ಕಾರ್ಯಕಾರಿ ಮಂಡಳಿಯ ಅಧ್ಯಕ್ಷರಾಗಿ ಜಿ.ಎಸ್.ಆನಂದರಾಮು ಆಯ್ಕೆಯಾದರು. ಎಸ್.ನರಸಿಂಹ ಪ್ರಧಾನ ಕಾರ್ಯದರ್ಶಿಯಾಗಿ ಹಾಗೂ 15 ಜನ ನಿರ್ದೇಶಕರ ಮಂಡಳಿಯನ್ನು ಆಯ್ಕೆ ಮಾಡಲಾಯಿತು.
